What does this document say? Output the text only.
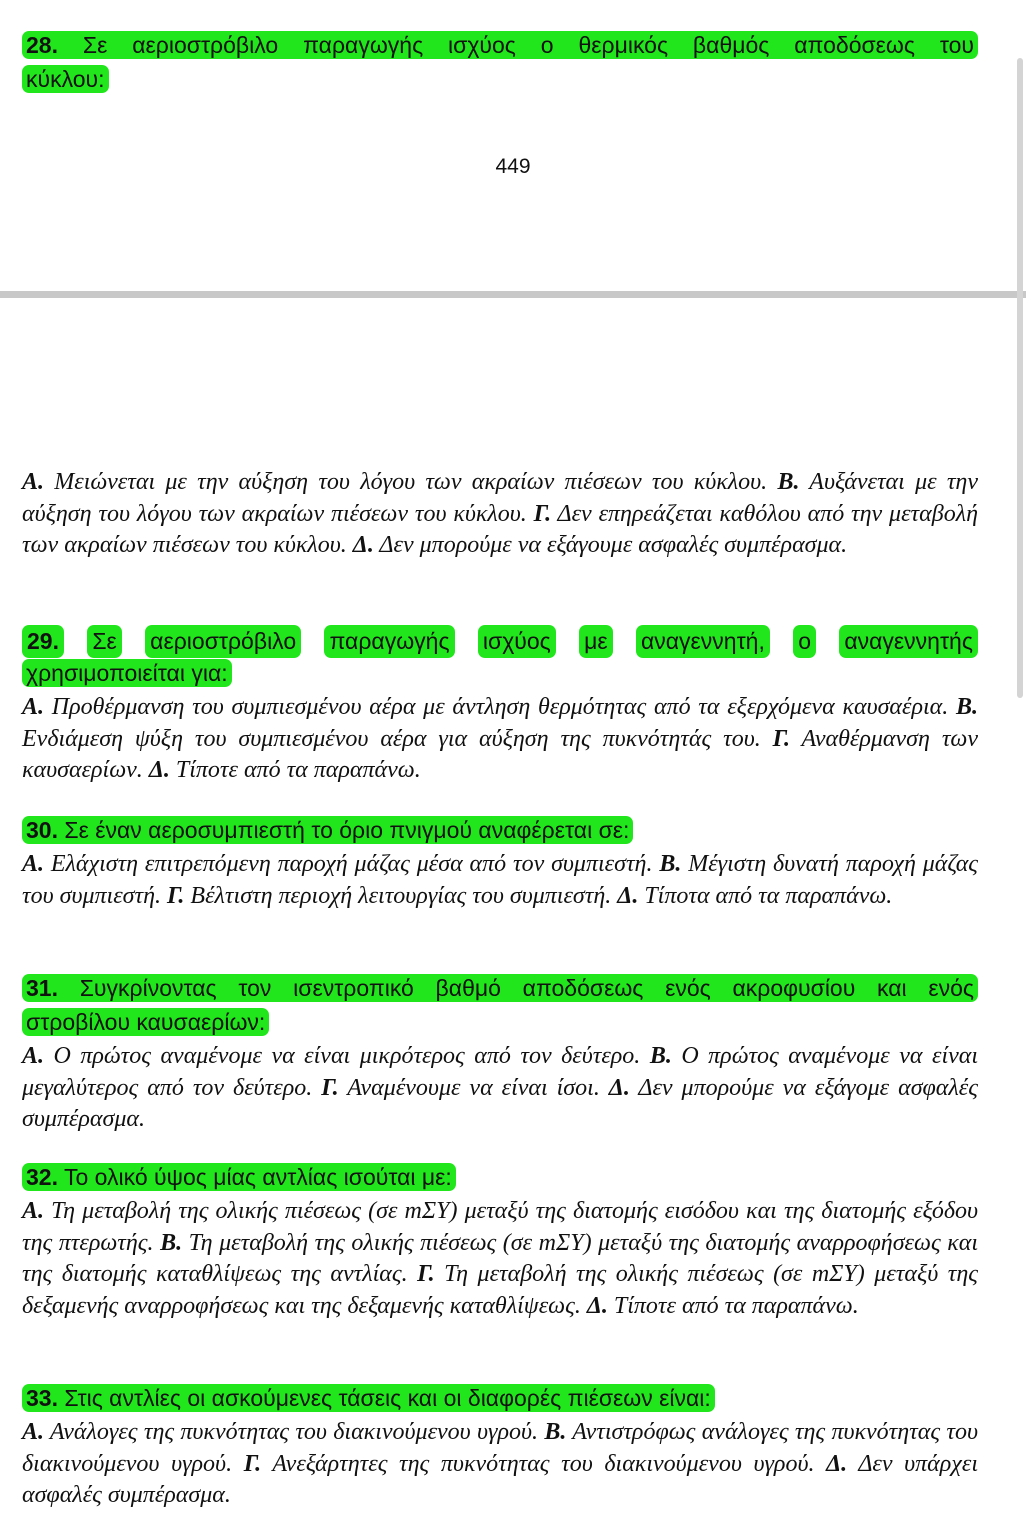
28. Σε αεριοστρόβιλο παραγωγής ισχύος ο θερμικός βαθμός αποδόσεως του

κύκλου:

449

Α. Μειώνεται με την αύξηση του λόγου των ακραίων πιέσεων του κύκλου. Β. Αυξάνεται με την αύξηση του λόγου των ακραίων πιέσεων του κύκλου. Γ. Δεν επηρεάζεται καθόλου από την μεταβολή των ακραίων πιέσεων του κύκλου. Δ. Δεν μπορούμε να εξάγουμε ασφαλές συμπέρασμα.

29. Σε αεριοστρόβιλο παραγωγής ισχύος με αναγεννητή, ο αναγεννητής

χρησιμοποιείται για:

Α. Προθέρμανση του συμπιεσμένου αέρα με άντληση θερμότητας από τα εξερχόμενα καυσαέρια. Β. Ενδιάμεση ψύξη του συμπιεσμένου αέρα για αύξηση της πυκνότητάς του. Γ. Αναθέρμανση των καυσαερίων. Δ. Τίποτε από τα παραπάνω.

30. Σε έναν αεροσυμπιεστή το όριο πνιγμού αναφέρεται σε:

Α. Ελάχιστη επιτρεπόμενη παροχή μάζας μέσα από τον συμπιεστή. Β. Μέγιστη δυνατή παροχή μάζας του συμπιεστή. Γ. Βέλτιστη περιοχή λειτουργίας του συμπιεστή. Δ. Τίποτα από τα παραπάνω.

31. Συγκρίνοντας τον ισεντροπικό βαθμό αποδόσεως ενός ακροφυσίου και ενός

στροβίλου καυσαερίων:

Α. Ο πρώτος αναμένομε να είναι μικρότερος από τον δεύτερο. Β. Ο πρώτος αναμένομε να είναι μεγαλύτερος από τον δεύτερο. Γ. Αναμένουμε να είναι ίσοι. Δ. Δεν μπορούμε να εξάγομε ασφαλές συμπέρασμα.

32. Το ολικό ύψος μίας αντλίας ισούται με:

Α. Τη μεταβολή της ολικής πιέσεως (σε mΣΥ) μεταξύ της διατομής εισόδου και της διατομής εξόδου της πτερωτής. Β. Τη μεταβολή της ολικής πιέσεως (σε mΣΥ) μεταξύ της διατομής αναρροφήσεως και της διατομής καταθλίψεως της αντλίας. Γ. Τη μεταβολή της ολικής πιέσεως (σε mΣΥ) μεταξύ της δεξαμενής αναρροφήσεως και της δεξαμενής καταθλίψεως. Δ. Τίποτε από τα παραπάνω.

33. Στις αντλίες οι ασκούμενες τάσεις και οι διαφορές πιέσεων είναι:

Α. Ανάλογες της πυκνότητας του διακινούμενου υγρού. Β. Αντιστρόφως ανάλογες της πυκνότητας του διακινούμενου υγρού. Γ. Ανεξάρτητες της πυκνότητας του διακινούμενου υγρού. Δ. Δεν υπάρχει ασφαλές συμπέρασμα.
